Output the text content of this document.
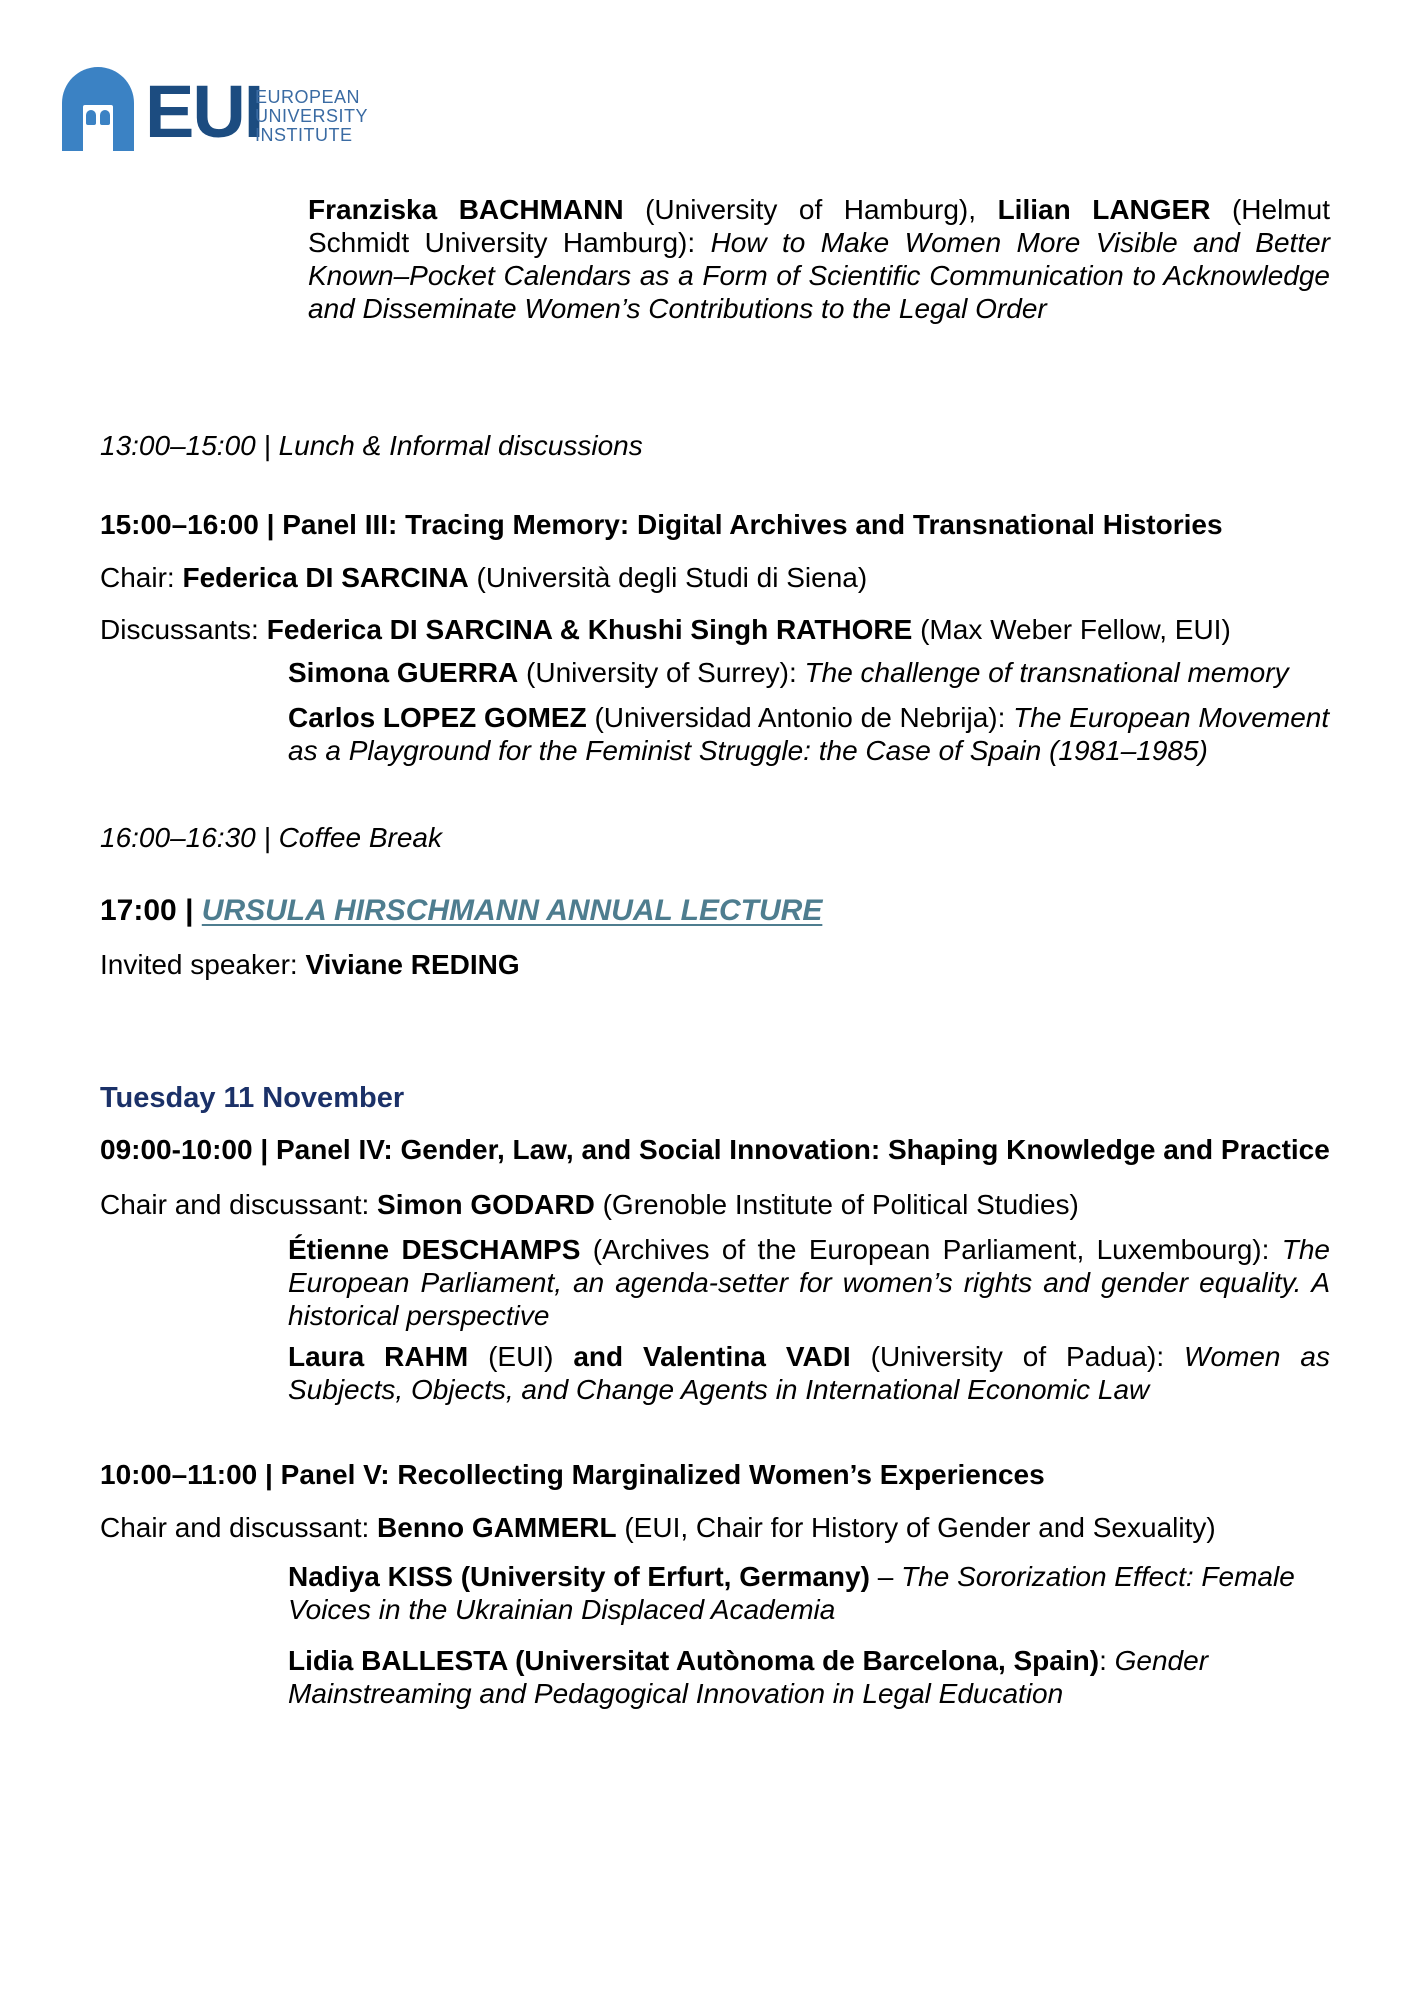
EUI
EUROPEAN
UNIVERSITY
INSTITUTE

Franziska BACHMANN (University of Hamburg), Lilian LANGER (Helmut Schmidt University Hamburg): How to Make Women More Visible and Better Known–Pocket Calendars as a Form of Scientific Communication to Acknowledge and Disseminate Women’s Contributions to the Legal Order

13:00–15:00 | Lunch & Informal discussions

15:00–16:00 | Panel III: Tracing Memory: Digital Archives and Transnational Histories

Chair: Federica DI SARCINA (Università degli Studi di Siena)

Discussants: Federica DI SARCINA & Khushi Singh RATHORE (Max Weber Fellow, EUI)

Simona GUERRA (University of Surrey): The challenge of transnational memory

Carlos LOPEZ GOMEZ (Universidad Antonio de Nebrija): The European Movement as a Playground for the Feminist Struggle: the Case of Spain (1981–1985)

16:00–16:30 | Coffee Break

17:00 | URSULA HIRSCHMANN ANNUAL LECTURE

Invited speaker: Viviane REDING

Tuesday 11 November

09:00-10:00 | Panel IV: Gender, Law, and Social Innovation: Shaping Knowledge and Practice

Chair and discussant: Simon GODARD (Grenoble Institute of Political Studies)

Étienne DESCHAMPS (Archives of the European Parliament, Luxembourg): The European Parliament, an agenda-setter for women’s rights and gender equality. A historical perspective

Laura RAHM (EUI) and Valentina VADI (University of Padua): Women as Subjects, Objects, and Change Agents in International Economic Law

10:00–11:00 | Panel V: Recollecting Marginalized Women’s Experiences

Chair and discussant: Benno GAMMERL (EUI, Chair for History of Gender and Sexuality)

Nadiya KISS (University of Erfurt, Germany) – The Sororization Effect: Female Voices in the Ukrainian Displaced Academia

Lidia BALLESTA (Universitat Autònoma de Barcelona, Spain): Gender Mainstreaming and Pedagogical Innovation in Legal Education
